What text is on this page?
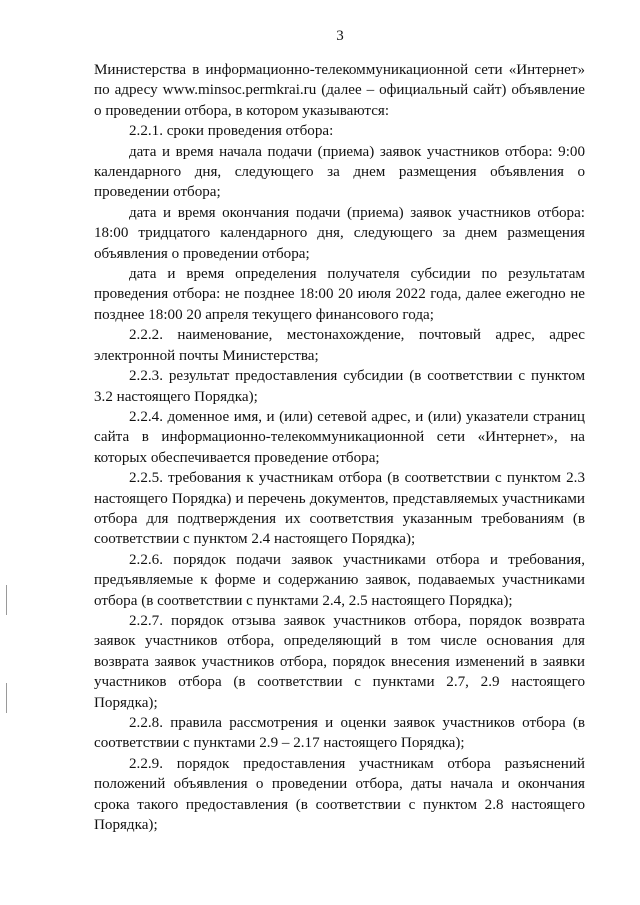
3

Министерства в информационно-телекоммуникационной сети «Интернет» по адресу www.minsoc.permkrai.ru (далее – официальный сайт) объявление о проведении отбора, в котором указываются:

2.2.1. сроки проведения отбора:

дата и время начала подачи (приема) заявок участников отбора: 9:00 календарного дня, следующего за днем размещения объявления о проведении отбора;

дата и время окончания подачи (приема) заявок участников отбора: 18:00 тридцатого календарного дня, следующего за днем размещения объявления о проведении отбора;

дата и время определения получателя субсидии по результатам проведения отбора: не позднее 18:00 20 июля 2022 года, далее ежегодно не позднее 18:00 20 апреля текущего финансового года;

2.2.2. наименование, местонахождение, почтовый адрес, адрес электронной почты Министерства;

2.2.3. результат предоставления субсидии (в соответствии с пунктом 3.2 настоящего Порядка);

2.2.4. доменное имя, и (или) сетевой адрес, и (или) указатели страниц сайта в информационно-телекоммуникационной сети «Интернет», на которых обеспечивается проведение отбора;

2.2.5. требования к участникам отбора (в соответствии с пунктом 2.3 настоящего Порядка) и перечень документов, представляемых участниками отбора для подтверждения их соответствия указанным требованиям (в соответствии с пунктом 2.4 настоящего Порядка);

2.2.6. порядок подачи заявок участниками отбора и требования, предъявляемые к форме и содержанию заявок, подаваемых участниками отбора (в соответствии с пунктами 2.4, 2.5 настоящего Порядка);

2.2.7. порядок отзыва заявок участников отбора, порядок возврата заявок участников отбора, определяющий в том числе основания для возврата заявок участников отбора, порядок внесения изменений в заявки участников отбора (в соответствии с пунктами 2.7, 2.9 настоящего Порядка);

2.2.8. правила рассмотрения и оценки заявок участников отбора (в соответствии с пунктами 2.9 – 2.17 настоящего Порядка);

2.2.9. порядок предоставления участникам отбора разъяснений положений объявления о проведении отбора, даты начала и окончания срока такого предоставления (в соответствии с пунктом 2.8 настоящего Порядка);
